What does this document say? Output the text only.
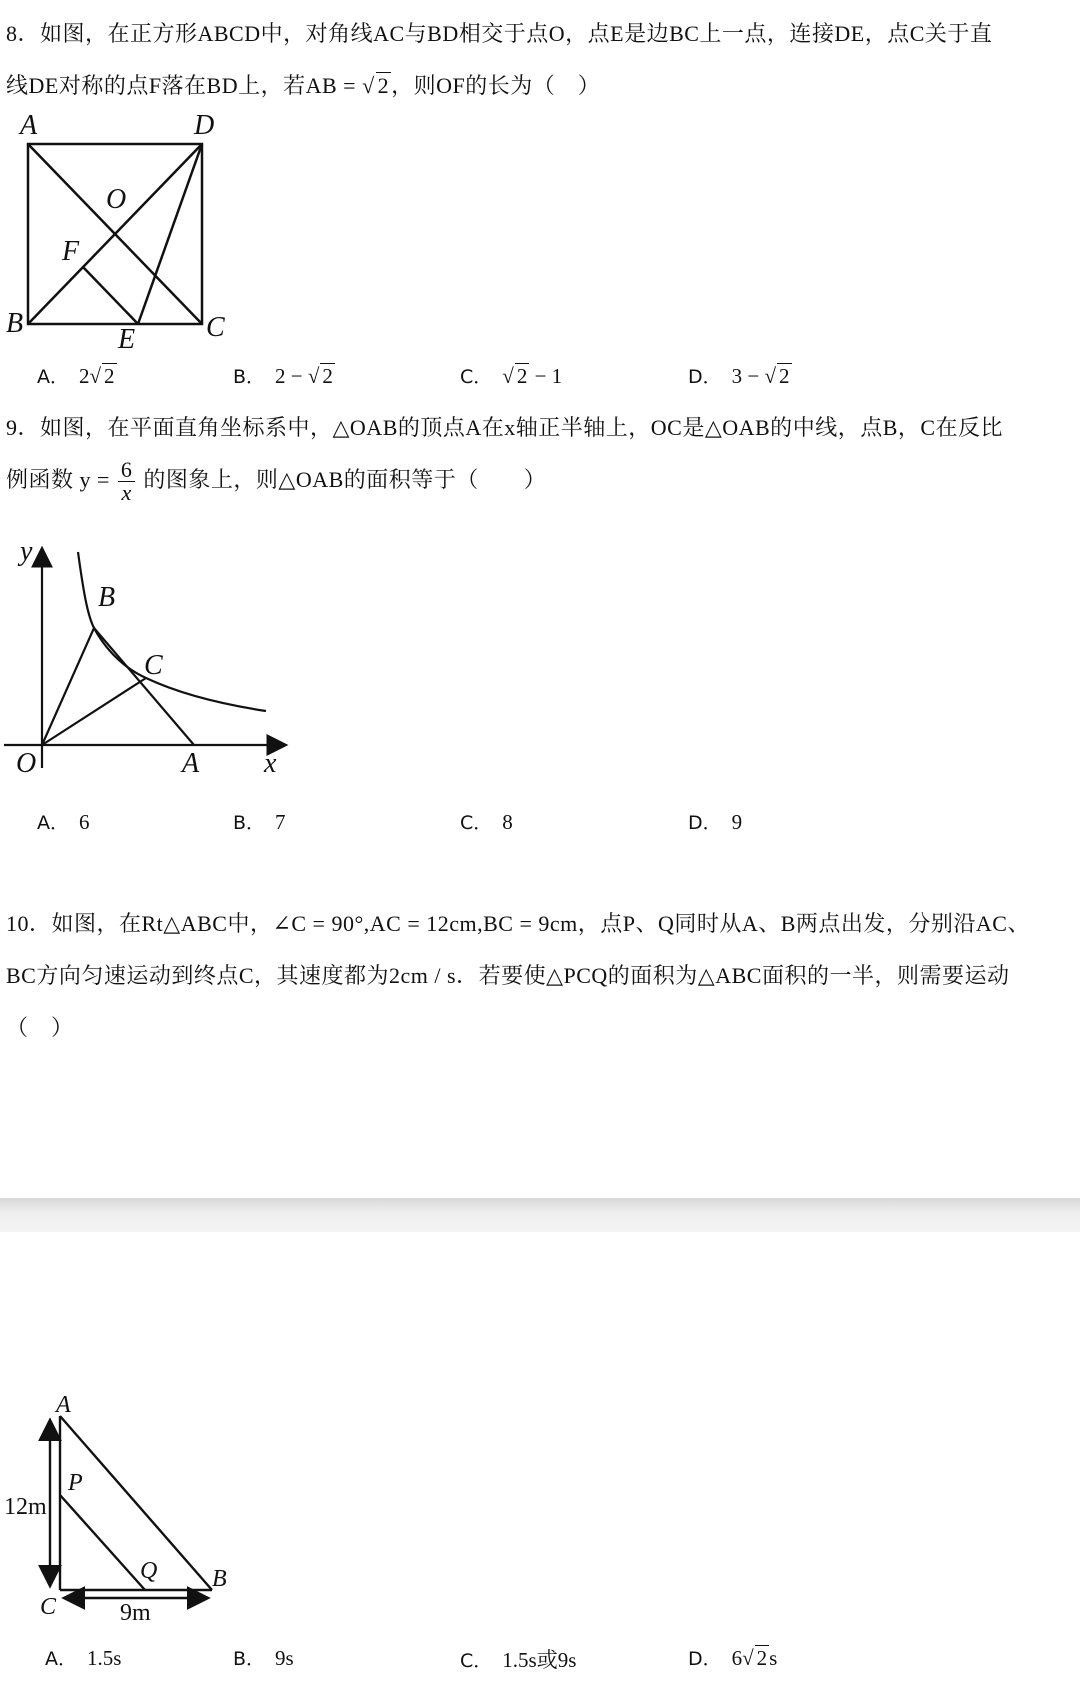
8．如图，在正方形ABCD中，对角线AC与BD相交于点O，点E是边BC上一点，连接DE，点C关于直

线DE对称的点F落在BD上，若AB = √ 2，则OF的长为（　）

A	D
B	C
O
F
E
A． 2√ 2	B． 2 − √ 2	C． √ 2 − 1	D． 3 − √ 2

9．如图，在平面直角坐标系中，△OAB的顶点A在x轴正半轴上，OC是△OAB的中线，点B，C在反比

例函数 $y = \frac{6}{x}$ 的图象上，则△OAB的面积等于（　　）

y
B
C
O	A x
A． 6	B． 7	C． 8	D． 9

10．如图，在Rt△ABC中，∠C = 90°,AC = 12cm,BC = 9cm，点P、Q同时从A、B两点出发，分别沿AC、

BC方向匀速运动到终点C，其速度都为2cm / s．若要使△PCQ的面积为△ABC面积的一半，则需要运动

（　）

A
P
Q B
C
12m
9m
A． 1.5s	B． 9s	C． 1.5s或9s	D． 6√ 2s
